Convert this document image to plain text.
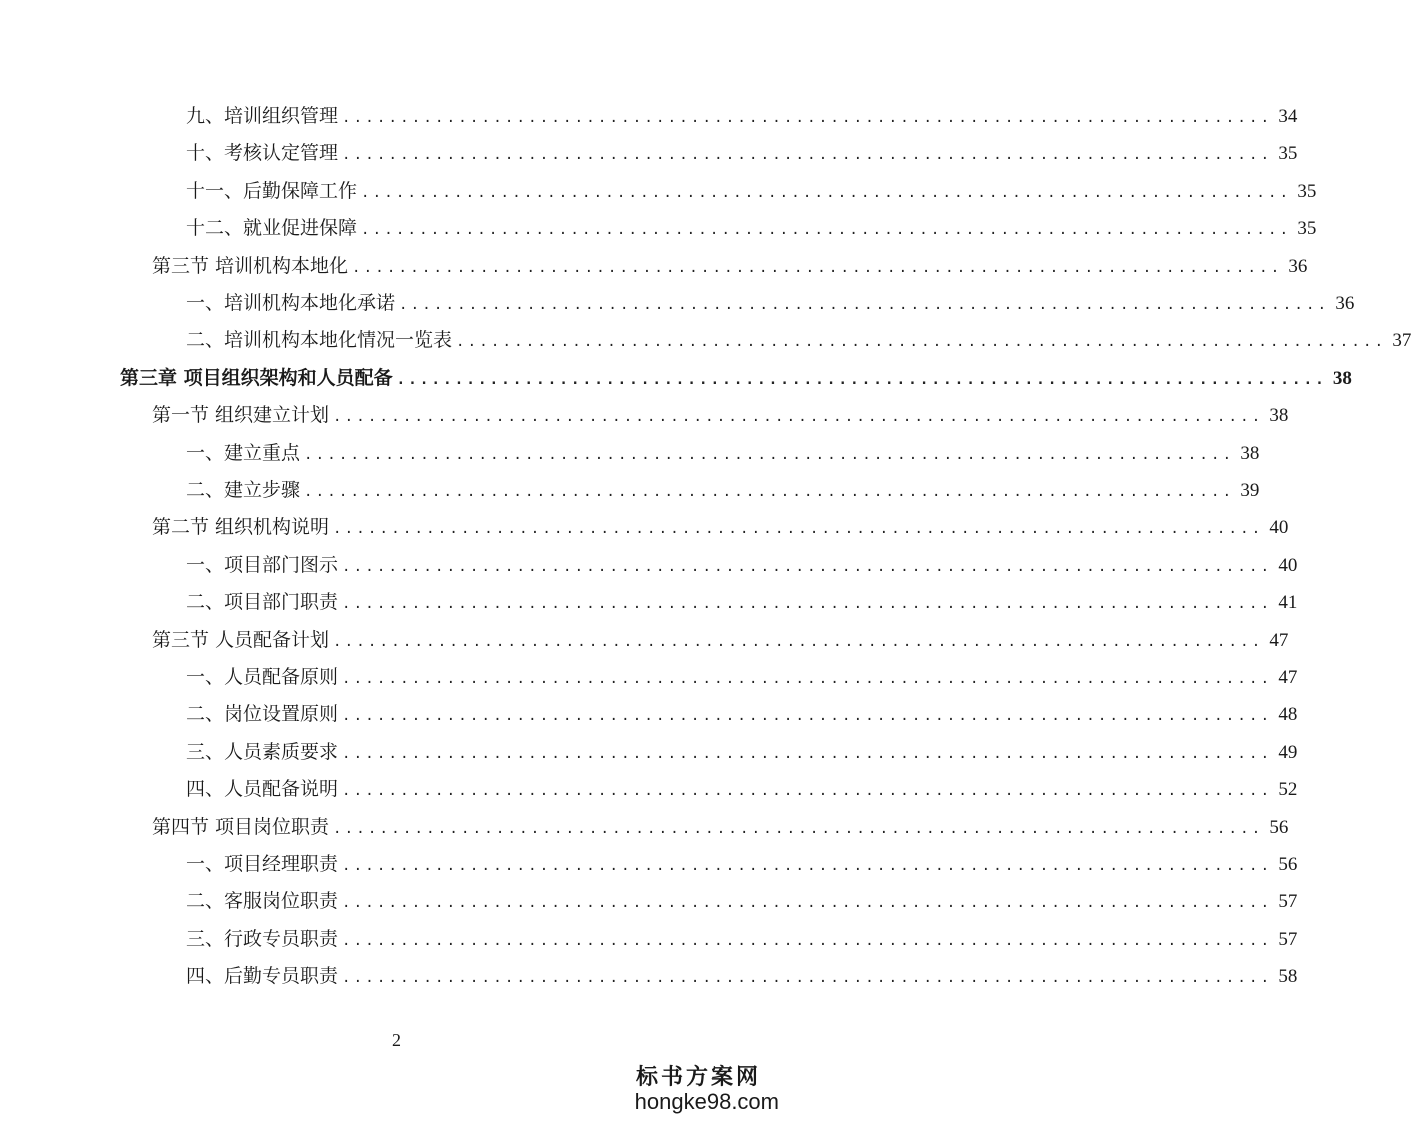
九、培训组织管理 ................................................................................ 34
十、考核认定管理 ................................................................................ 35
十一、后勤保障工作 ................................................................................ 35
十二、就业促进保障 ................................................................................ 35
第三节 培训机构本地化 ................................................................................ 36
一、培训机构本地化承诺 ................................................................................ 36
二、培训机构本地化情况一览表 ................................................................................ 37
第三章 项目组织架构和人员配备 ................................................................................ 38
第一节 组织建立计划 ................................................................................ 38
一、建立重点 ................................................................................ 38
二、建立步骤 ................................................................................ 39
第二节 组织机构说明 ................................................................................ 40
一、项目部门图示 ................................................................................ 40
二、项目部门职责 ................................................................................ 41
第三节 人员配备计划 ................................................................................ 47
一、人员配备原则 ................................................................................ 47
二、岗位设置原则 ................................................................................ 48
三、人员素质要求 ................................................................................ 49
四、人员配备说明 ................................................................................ 52
第四节 项目岗位职责 ................................................................................ 56
一、项目经理职责 ................................................................................ 56
二、客服岗位职责 ................................................................................ 57
三、行政专员职责 ................................................................................ 57
四、后勤专员职责 ................................................................................ 58
2
标书方案网
hongke98.com
